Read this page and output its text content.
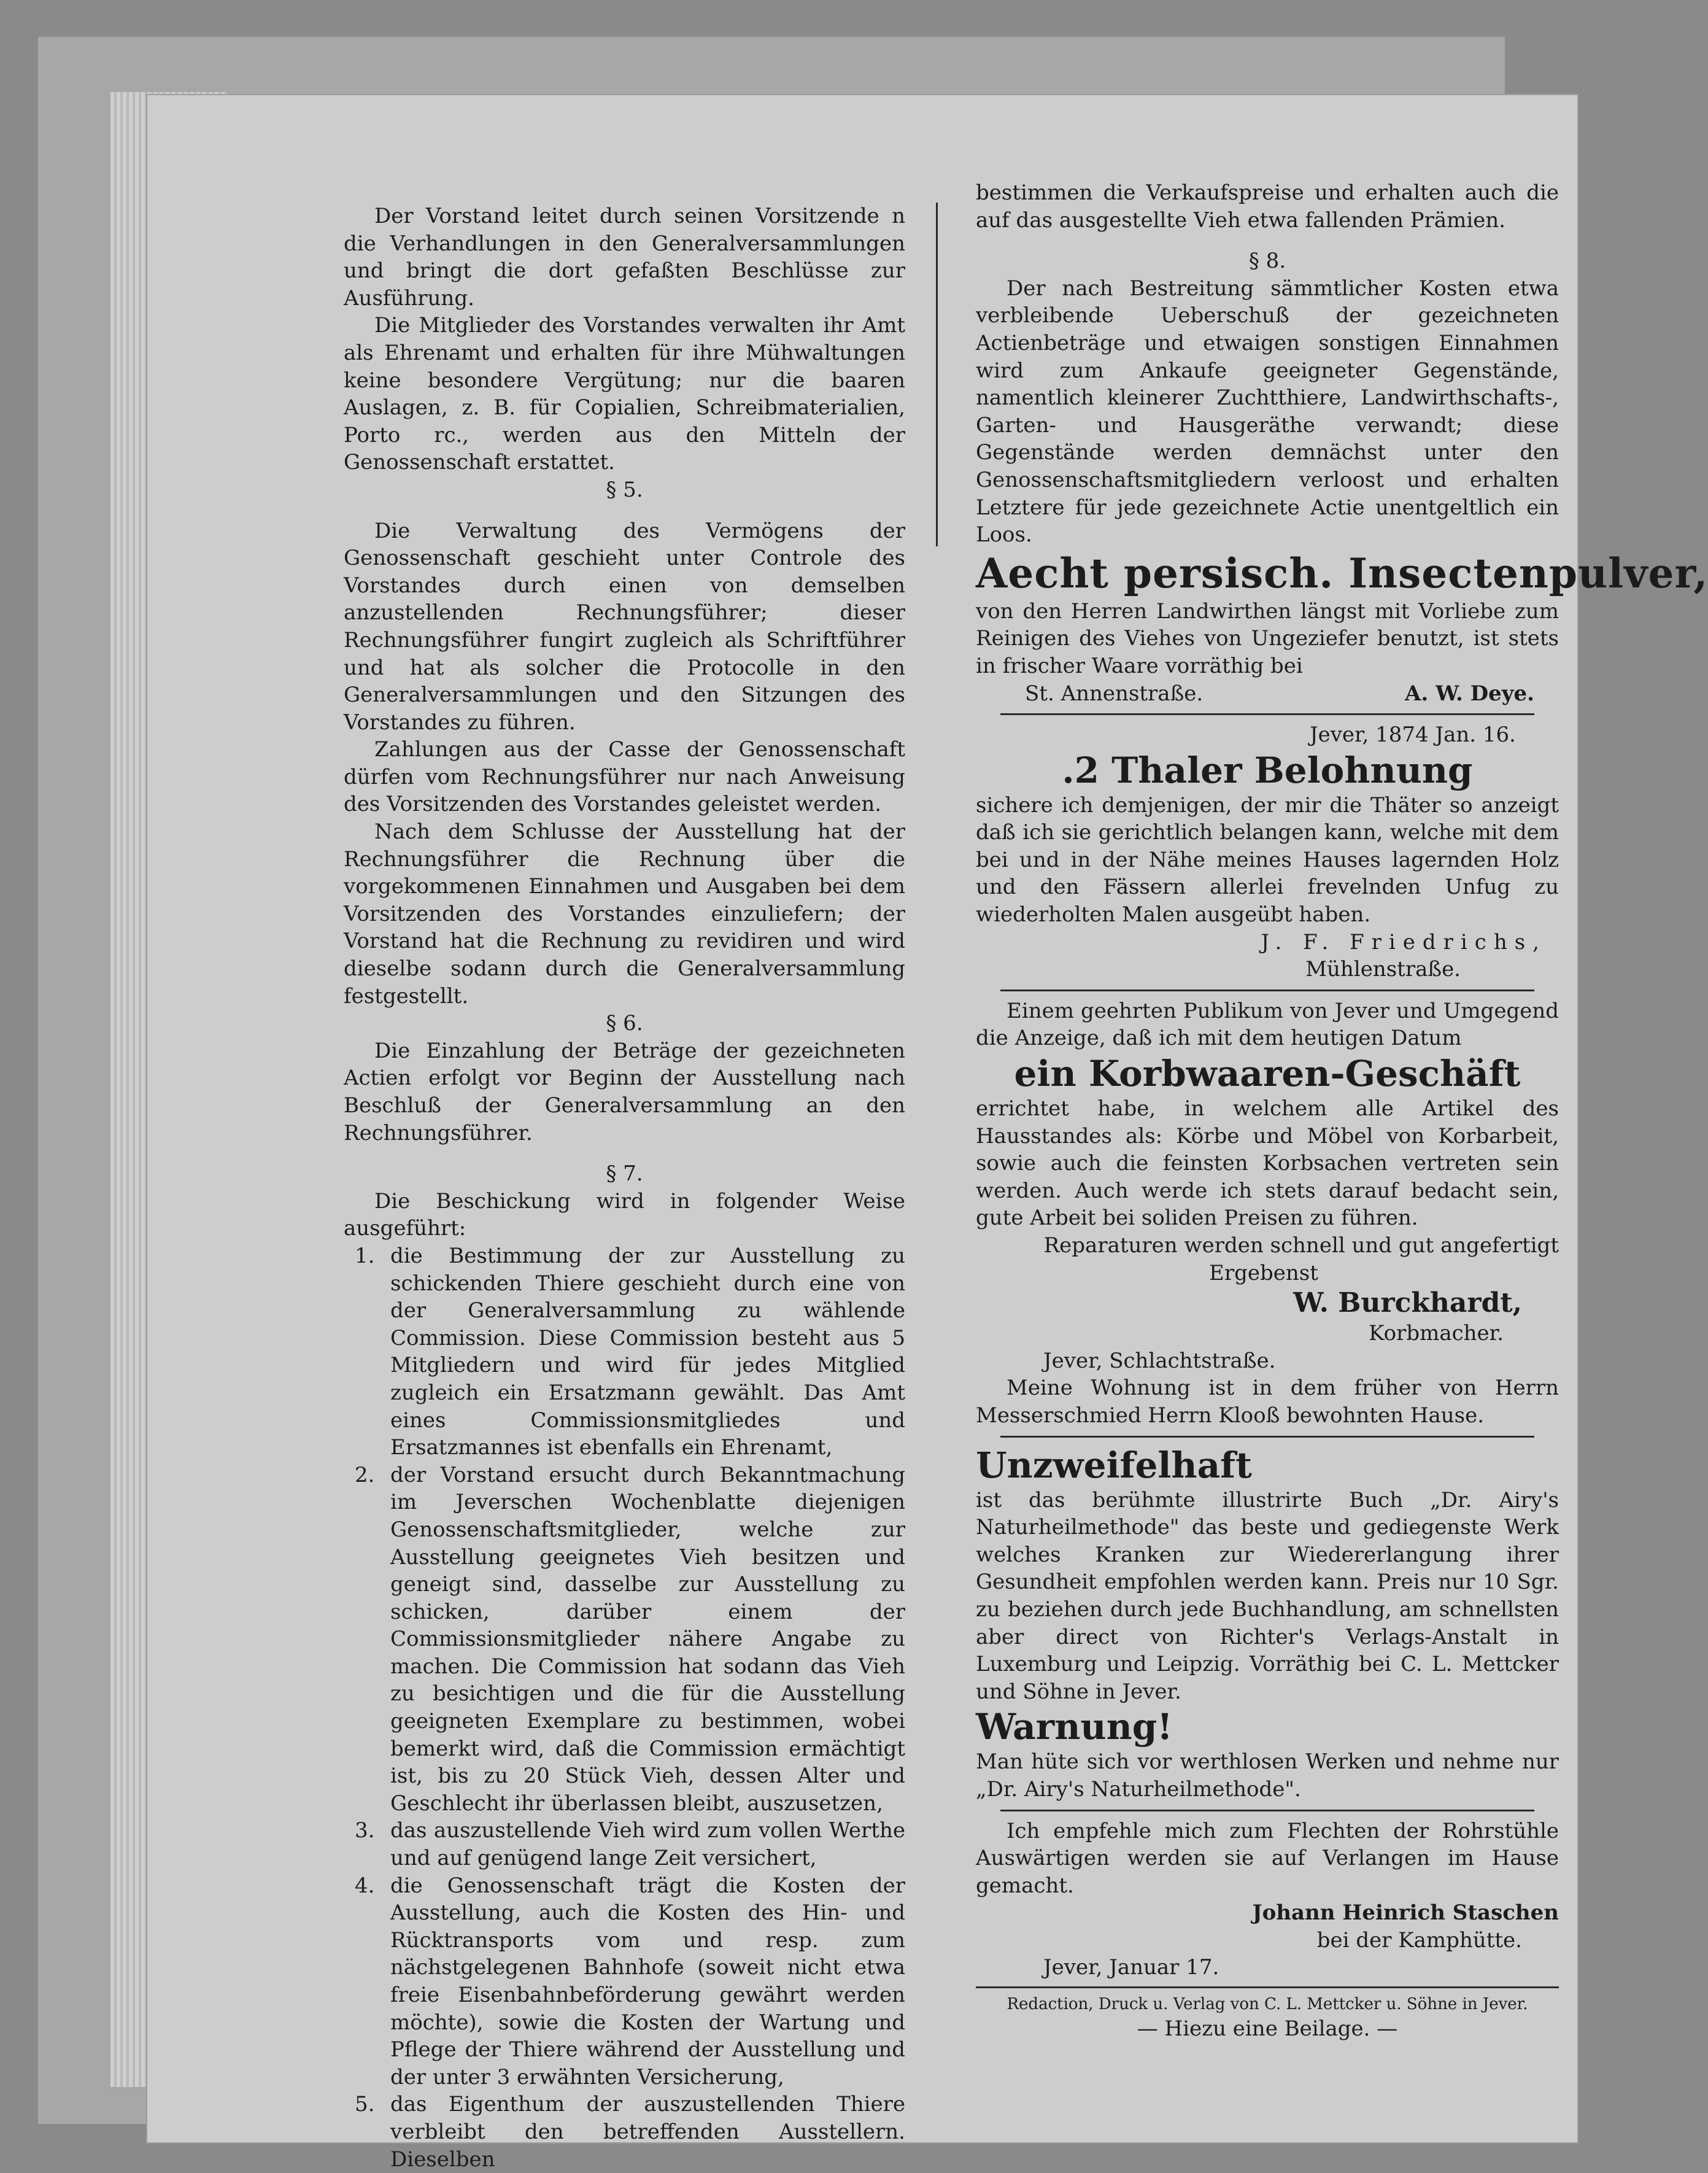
Der Vorstand leitet durch seinen Vorsitzende n die Verhandlungen in den Generalversammlungen und bringt die dort gefaßten Beschlüsse zur Ausführung.

Die Mitglieder des Vorstandes verwalten ihr Amt als Ehrenamt und erhalten für ihre Mühwaltungen keine besondere Vergütung; nur die baaren Auslagen, z. B. für Copialien, Schreibmaterialien, Porto rc., werden aus den Mitteln der Genossenschaft erstattet.

§ 5.

Die Verwaltung des Vermögens der Genossenschaft geschieht unter Controle des Vorstandes durch einen von demselben anzustellenden Rechnungsführer; dieser Rechnungsführer fungirt zugleich als Schriftführer und hat als solcher die Protocolle in den Generalversammlungen und den Sitzungen des Vorstandes zu führen.

Zahlungen aus der Casse der Genossenschaft dürfen vom Rechnungsführer nur nach Anweisung des Vorsitzenden des Vorstandes geleistet werden.

Nach dem Schlusse der Ausstellung hat der Rechnungsführer die Rechnung über die vorgekommenen Einnahmen und Ausgaben bei dem Vorsitzenden des Vorstandes einzuliefern; der Vorstand hat die Rechnung zu revidiren und wird dieselbe sodann durch die Generalversammlung festgestellt.

§ 6.

Die Einzahlung der Beträge der gezeichneten Actien erfolgt vor Beginn der Ausstellung nach Beschluß der Generalversammlung an den Rechnungsführer.

§ 7.

Die Beschickung wird in folgender Weise ausgeführt:

1. die Bestimmung der zur Ausstellung zu schickenden Thiere geschieht durch eine von der Generalversammlung zu wählende Commission. Diese Commission besteht aus 5 Mitgliedern und wird für jedes Mitglied zugleich ein Ersatzmann gewählt. Das Amt eines Commissionsmitgliedes und Ersatzmannes ist ebenfalls ein Ehrenamt,
2. der Vorstand ersucht durch Bekanntmachung im Jeverschen Wochenblatte diejenigen Genossenschaftsmitglieder, welche zur Ausstellung geeignetes Vieh besitzen und geneigt sind, dasselbe zur Ausstellung zu schicken, darüber einem der Commissionsmitglieder nähere Angabe zu machen. Die Commission hat sodann das Vieh zu besichtigen und die für die Ausstellung geeigneten Exemplare zu bestimmen, wobei bemerkt wird, daß die Commission ermächtigt ist, bis zu 20 Stück Vieh, dessen Alter und Geschlecht ihr überlassen bleibt, auszusetzen,
3. das auszustellende Vieh wird zum vollen Werthe und auf genügend lange Zeit versichert,
4. die Genossenschaft trägt die Kosten der Ausstellung, auch die Kosten des Hin- und Rücktransports vom und resp. zum nächstgelegenen Bahnhofe (soweit nicht etwa freie Eisenbahnbeförderung gewährt werden möchte), sowie die Kosten der Wartung und Pflege der Thiere während der Ausstellung und der unter 3 erwähnten Versicherung,
5. das Eigenthum der auszustellenden Thiere verbleibt den betreffenden Ausstellern. Dieselben

bestimmen die Verkaufspreise und erhalten auch die auf das ausgestellte Vieh etwa fallenden Prämien.

§ 8.

Der nach Bestreitung sämmtlicher Kosten etwa verbleibende Ueberschuß der gezeichneten Actienbeträge und etwaigen sonstigen Einnahmen wird zum Ankaufe geeigneter Gegenstände, namentlich kleinerer Zuchtthiere, Landwirthschafts-, Garten- und Hausgeräthe verwandt; diese Gegenstände werden demnächst unter den Genossenschaftsmitgliedern verloost und erhalten Letztere für jede gezeichnete Actie unentgeltlich ein Loos.

Aecht persisch. Insectenpulver,

von den Herren Landwirthen längst mit Vorliebe zum Reinigen des Viehes von Ungeziefer benutzt, ist stets in frischer Waare vorräthig bei

St. Annenstraße.	A. W. Deye.

Jever, 1874 Jan. 16.

.2 Thaler Belohnung

sichere ich demjenigen, der mir die Thäter so anzeigt daß ich sie gerichtlich belangen kann, welche mit dem bei und in der Nähe meines Hauses lagernden Holz und den Fässern allerlei frevelnden Unfug zu wiederholten Malen ausgeübt haben.

J. F. Friedrichs,

Mühlenstraße.

Einem geehrten Publikum von Jever und Umgegend die Anzeige, daß ich mit dem heutigen Datum

ein Korbwaaren-Geschäft

errichtet habe, in welchem alle Artikel des Hausstandes als: Körbe und Möbel von Korbarbeit, sowie auch die feinsten Korbsachen vertreten sein werden. Auch werde ich stets darauf bedacht sein, gute Arbeit bei soliden Preisen zu führen.

Reparaturen werden schnell und gut angefertigt

Ergebenst

W. Burckhardt,

Korbmacher.

Jever, Schlachtstraße.

Meine Wohnung ist in dem früher von Herrn Messerschmied Herrn Klooß bewohnten Hause.

Unzweifelhaft

ist das berühmte illustrirte Buch „Dr. Airy's Naturheilmethode" das beste und gediegenste Werk welches Kranken zur Wiedererlangung ihrer Gesundheit empfohlen werden kann. Preis nur 10 Sgr. zu beziehen durch jede Buchhandlung, am schnellsten aber direct von Richter's Verlags-Anstalt in Luxemburg und Leipzig. Vorräthig bei C. L. Mettcker und Söhne in Jever.

Warnung!

Man hüte sich vor werthlosen Werken und nehme nur „Dr. Airy's Naturheilmethode".

Ich empfehle mich zum Flechten der Rohrstühle Auswärtigen werden sie auf Verlangen im Hause gemacht.

Johann Heinrich Staschen

bei der Kamphütte.

Jever, Januar 17.

Redaction, Druck u. Verlag von C. L. Mettcker u. Söhne in Jever.

— Hiezu eine Beilage. —
